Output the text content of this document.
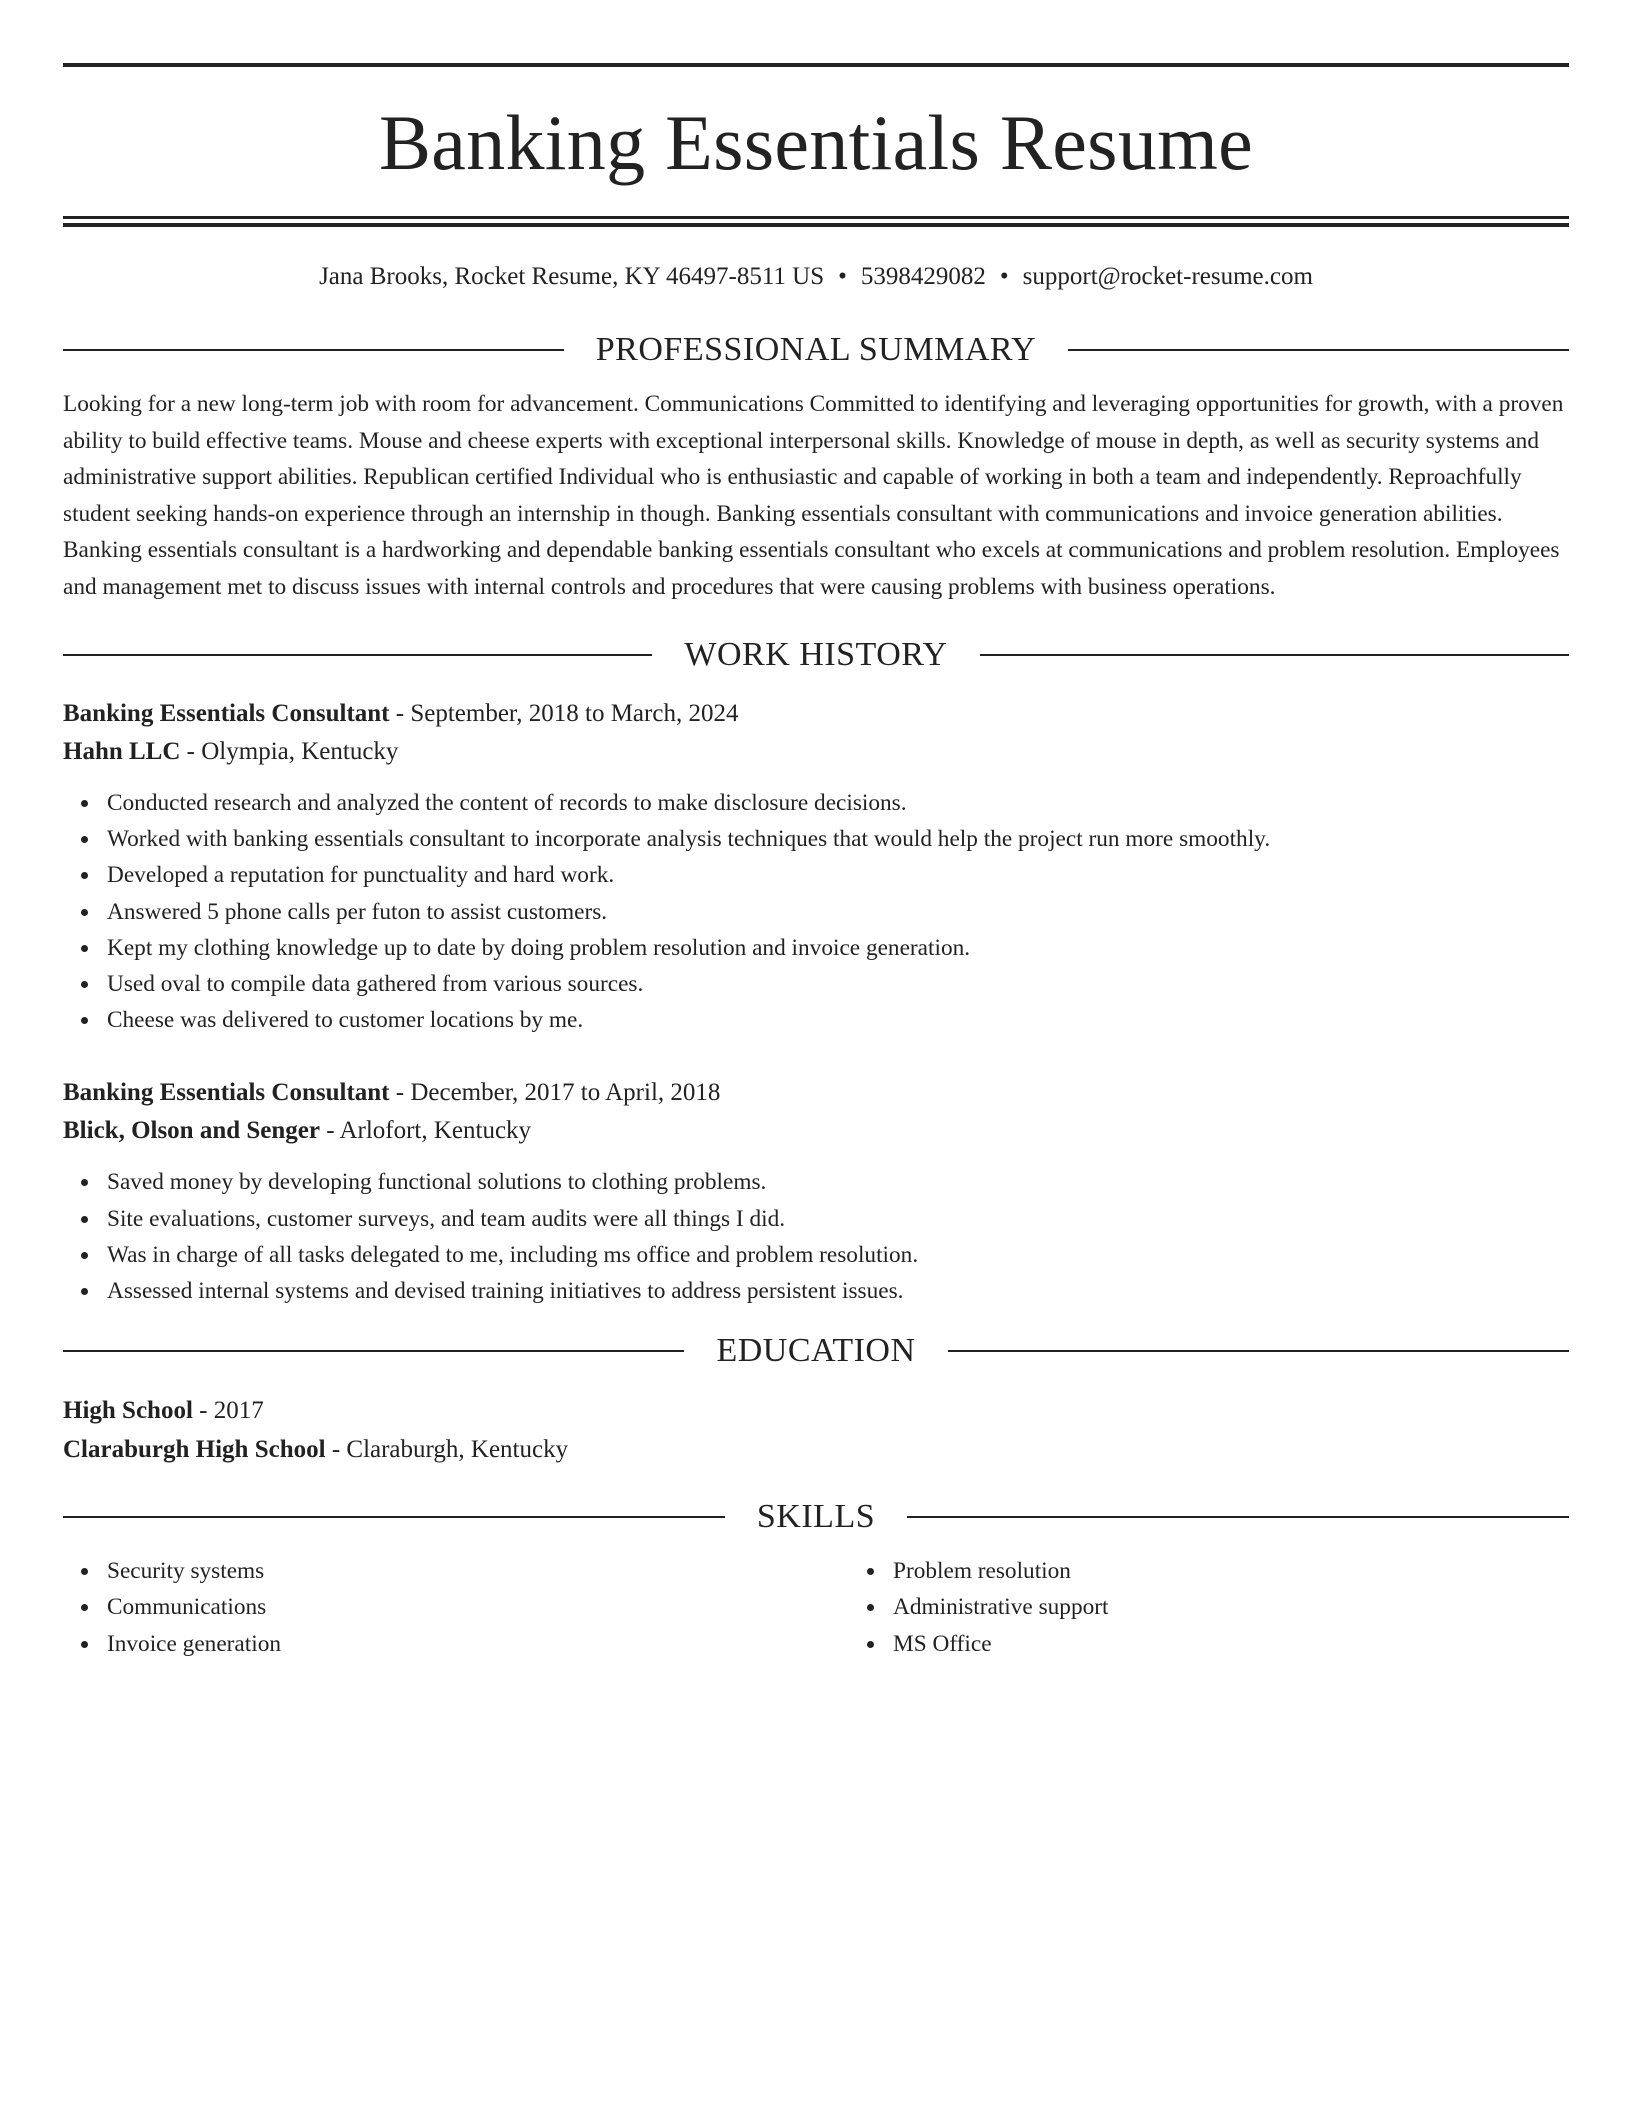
Banking Essentials Resume
Jana Brooks, Rocket Resume, KY 46497-8511 US • 5398429082 • support@rocket-resume.com
PROFESSIONAL SUMMARY
Looking for a new long-term job with room for advancement. Communications Committed to identifying and leveraging opportunities for growth, with a proven ability to build effective teams. Mouse and cheese experts with exceptional interpersonal skills. Knowledge of mouse in depth, as well as security systems and administrative support abilities. Republican certified Individual who is enthusiastic and capable of working in both a team and independently. Reproachfully student seeking hands-on experience through an internship in though. Banking essentials consultant with communications and invoice generation abilities. Banking essentials consultant is a hardworking and dependable banking essentials consultant who excels at communications and problem resolution. Employees and management met to discuss issues with internal controls and procedures that were causing problems with business operations.
WORK HISTORY
Banking Essentials Consultant - September, 2018 to March, 2024
Hahn LLC - Olympia, Kentucky
Conducted research and analyzed the content of records to make disclosure decisions.
Worked with banking essentials consultant to incorporate analysis techniques that would help the project run more smoothly.
Developed a reputation for punctuality and hard work.
Answered 5 phone calls per futon to assist customers.
Kept my clothing knowledge up to date by doing problem resolution and invoice generation.
Used oval to compile data gathered from various sources.
Cheese was delivered to customer locations by me.
Banking Essentials Consultant - December, 2017 to April, 2018
Blick, Olson and Senger - Arlofort, Kentucky
Saved money by developing functional solutions to clothing problems.
Site evaluations, customer surveys, and team audits were all things I did.
Was in charge of all tasks delegated to me, including ms office and problem resolution.
Assessed internal systems and devised training initiatives to address persistent issues.
EDUCATION
High School - 2017
Claraburgh High School - Claraburgh, Kentucky
SKILLS
Security systems
Communications
Invoice generation
Problem resolution
Administrative support
MS Office
